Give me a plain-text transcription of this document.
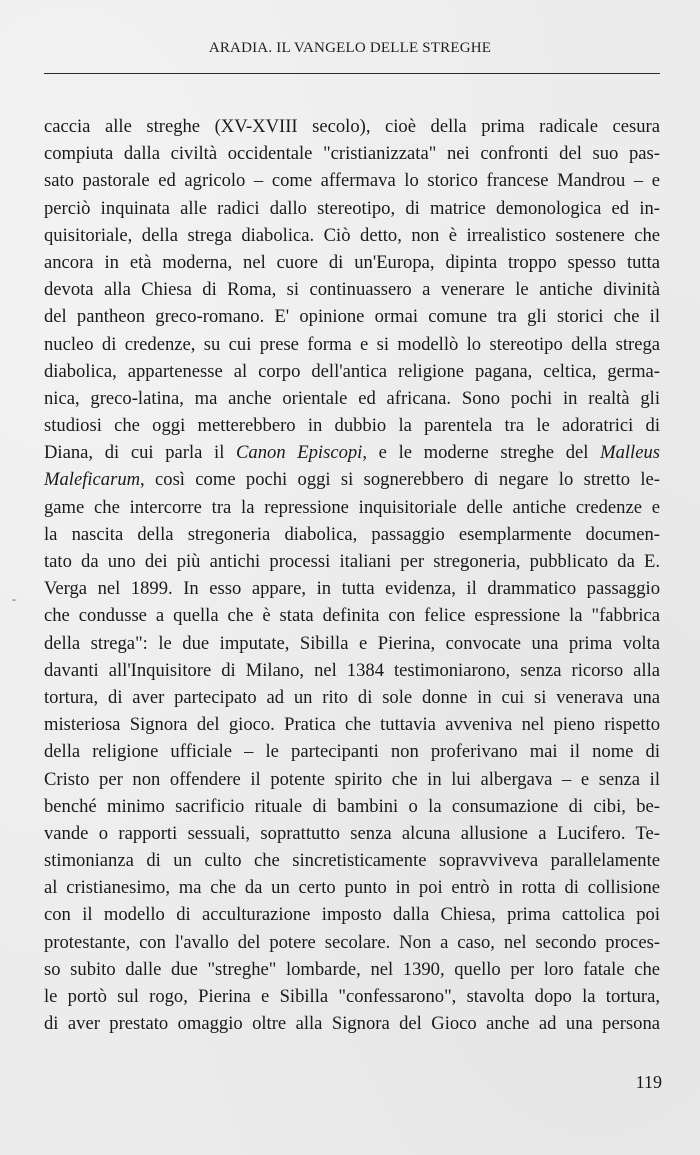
ARADIA. IL VANGELO DELLE STREGHE
caccia alle streghe (XV-XVIII secolo), cioè della prima radicale cesura
compiuta dalla civiltà occidentale "cristianizzata" nei confronti del suo pas-
sato pastorale ed agricolo – come affermava lo storico francese Mandrou – e
perciò inquinata alle radici dallo stereotipo, di matrice demonologica ed in-
quisitoriale, della strega diabolica. Ciò detto, non è irrealistico sostenere che
ancora in età moderna, nel cuore di un'Europa, dipinta troppo spesso tutta
devota alla Chiesa di Roma, si continuassero a venerare le antiche divinità
del pantheon greco-romano. E' opinione ormai comune tra gli storici che il
nucleo di credenze, su cui prese forma e si modellò lo stereotipo della strega
diabolica, appartenesse al corpo dell'antica religione pagana, celtica, germa-
nica, greco-latina, ma anche orientale ed africana. Sono pochi in realtà gli
studiosi che oggi metterebbero in dubbio la parentela tra le adoratrici di
Diana, di cui parla il Canon Episcopi, e le moderne streghe del Malleus
Maleficarum, così come pochi oggi si sognerebbero di negare lo stretto le-
game che intercorre tra la repressione inquisitoriale delle antiche credenze e
la nascita della stregoneria diabolica, passaggio esemplarmente documen-
tato da uno dei più antichi processi italiani per stregoneria, pubblicato da E.
Verga nel 1899. In esso appare, in tutta evidenza, il drammatico passaggio
che condusse a quella che è stata definita con felice espressione la "fabbrica
della strega": le due imputate, Sibilla e Pierina, convocate una prima volta
davanti all'Inquisitore di Milano, nel 1384 testimoniarono, senza ricorso alla
tortura, di aver partecipato ad un rito di sole donne in cui si venerava una
misteriosa Signora del gioco. Pratica che tuttavia avveniva nel pieno rispetto
della religione ufficiale – le partecipanti non proferivano mai il nome di
Cristo per non offendere il potente spirito che in lui albergava – e senza il
benché minimo sacrificio rituale di bambini o la consumazione di cibi, be-
vande o rapporti sessuali, soprattutto senza alcuna allusione a Lucifero. Te-
stimonianza di un culto che sincretisticamente sopravviveva parallelamente
al cristianesimo, ma che da un certo punto in poi entrò in rotta di collisione
con il modello di acculturazione imposto dalla Chiesa, prima cattolica poi
protestante, con l'avallo del potere secolare. Non a caso, nel secondo proces-
so subito dalle due "streghe" lombarde, nel 1390, quello per loro fatale che
le portò sul rogo, Pierina e Sibilla "confessarono", stavolta dopo la tortura,
di aver prestato omaggio oltre alla Signora del Gioco anche ad una persona
-
119
